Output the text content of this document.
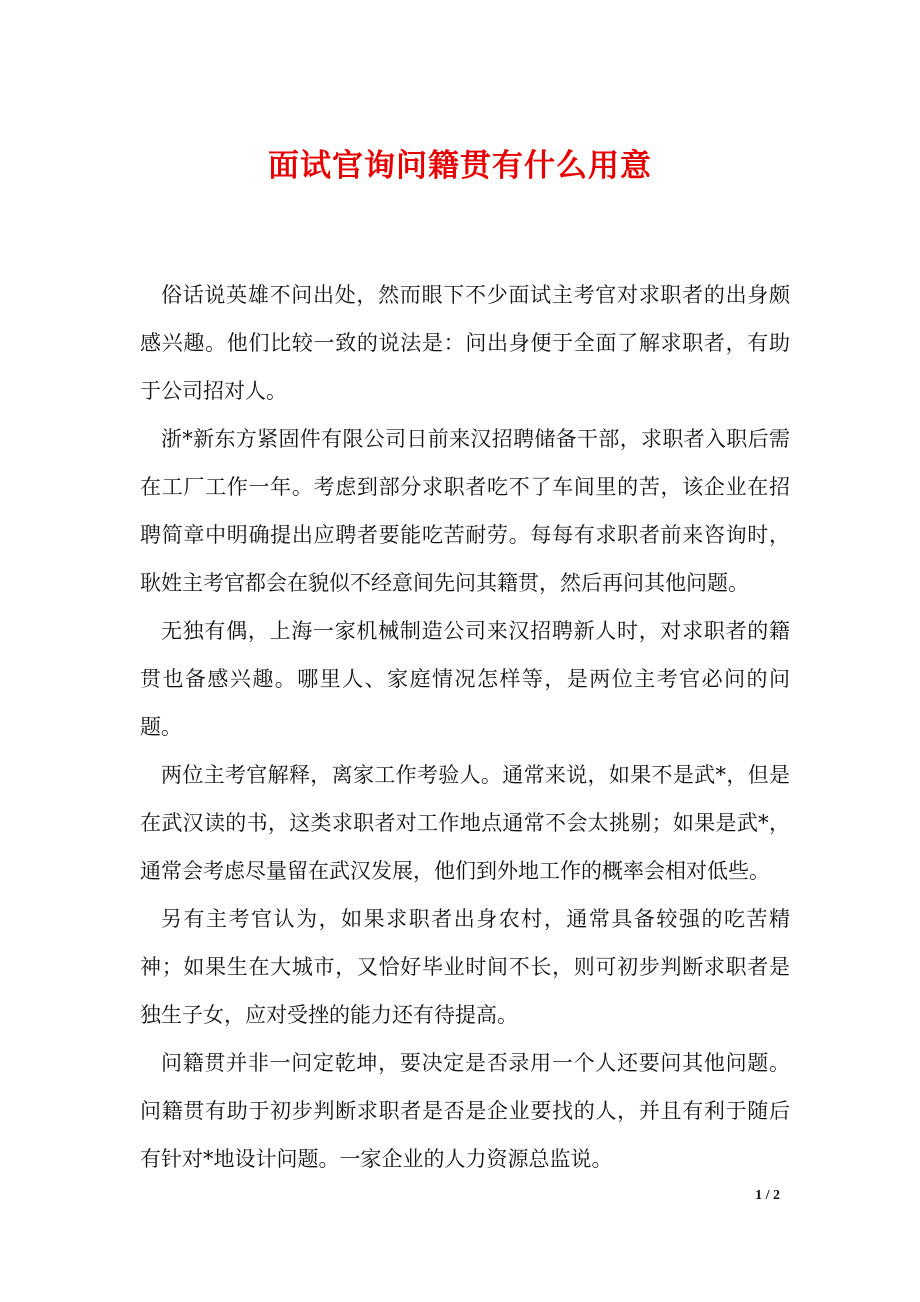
面试官询问籍贯有什么用意

俗话说英雄不问出处，然而眼下不少面试主考官对求职者的出身颇感兴趣。他们比较一致的说法是：问出身便于全面了解求职者，有助于公司招对人。

浙*新东方紧固件有限公司日前来汉招聘储备干部，求职者入职后需在工厂工作一年。考虑到部分求职者吃不了车间里的苦，该企业在招聘简章中明确提出应聘者要能吃苦耐劳。每每有求职者前来咨询时，耿姓主考官都会在貌似不经意间先问其籍贯，然后再问其他问题。

无独有偶，上海一家机械制造公司来汉招聘新人时，对求职者的籍贯也备感兴趣。哪里人、家庭情况怎样等，是两位主考官必问的问题。

两位主考官解释，离家工作考验人。通常来说，如果不是武*，但是在武汉读的书，这类求职者对工作地点通常不会太挑剔；如果是武*，通常会考虑尽量留在武汉发展，他们到外地工作的概率会相对低些。

另有主考官认为，如果求职者出身农村，通常具备较强的吃苦精神；如果生在大城市，又恰好毕业时间不长，则可初步判断求职者是独生子女，应对受挫的能力还有待提高。

问籍贯并非一问定乾坤，要决定是否录用一个人还要问其他问题。问籍贯有助于初步判断求职者是否是企业要找的人，并且有利于随后有针对*地设计问题。一家企业的人力资源总监说。

1 / 2
